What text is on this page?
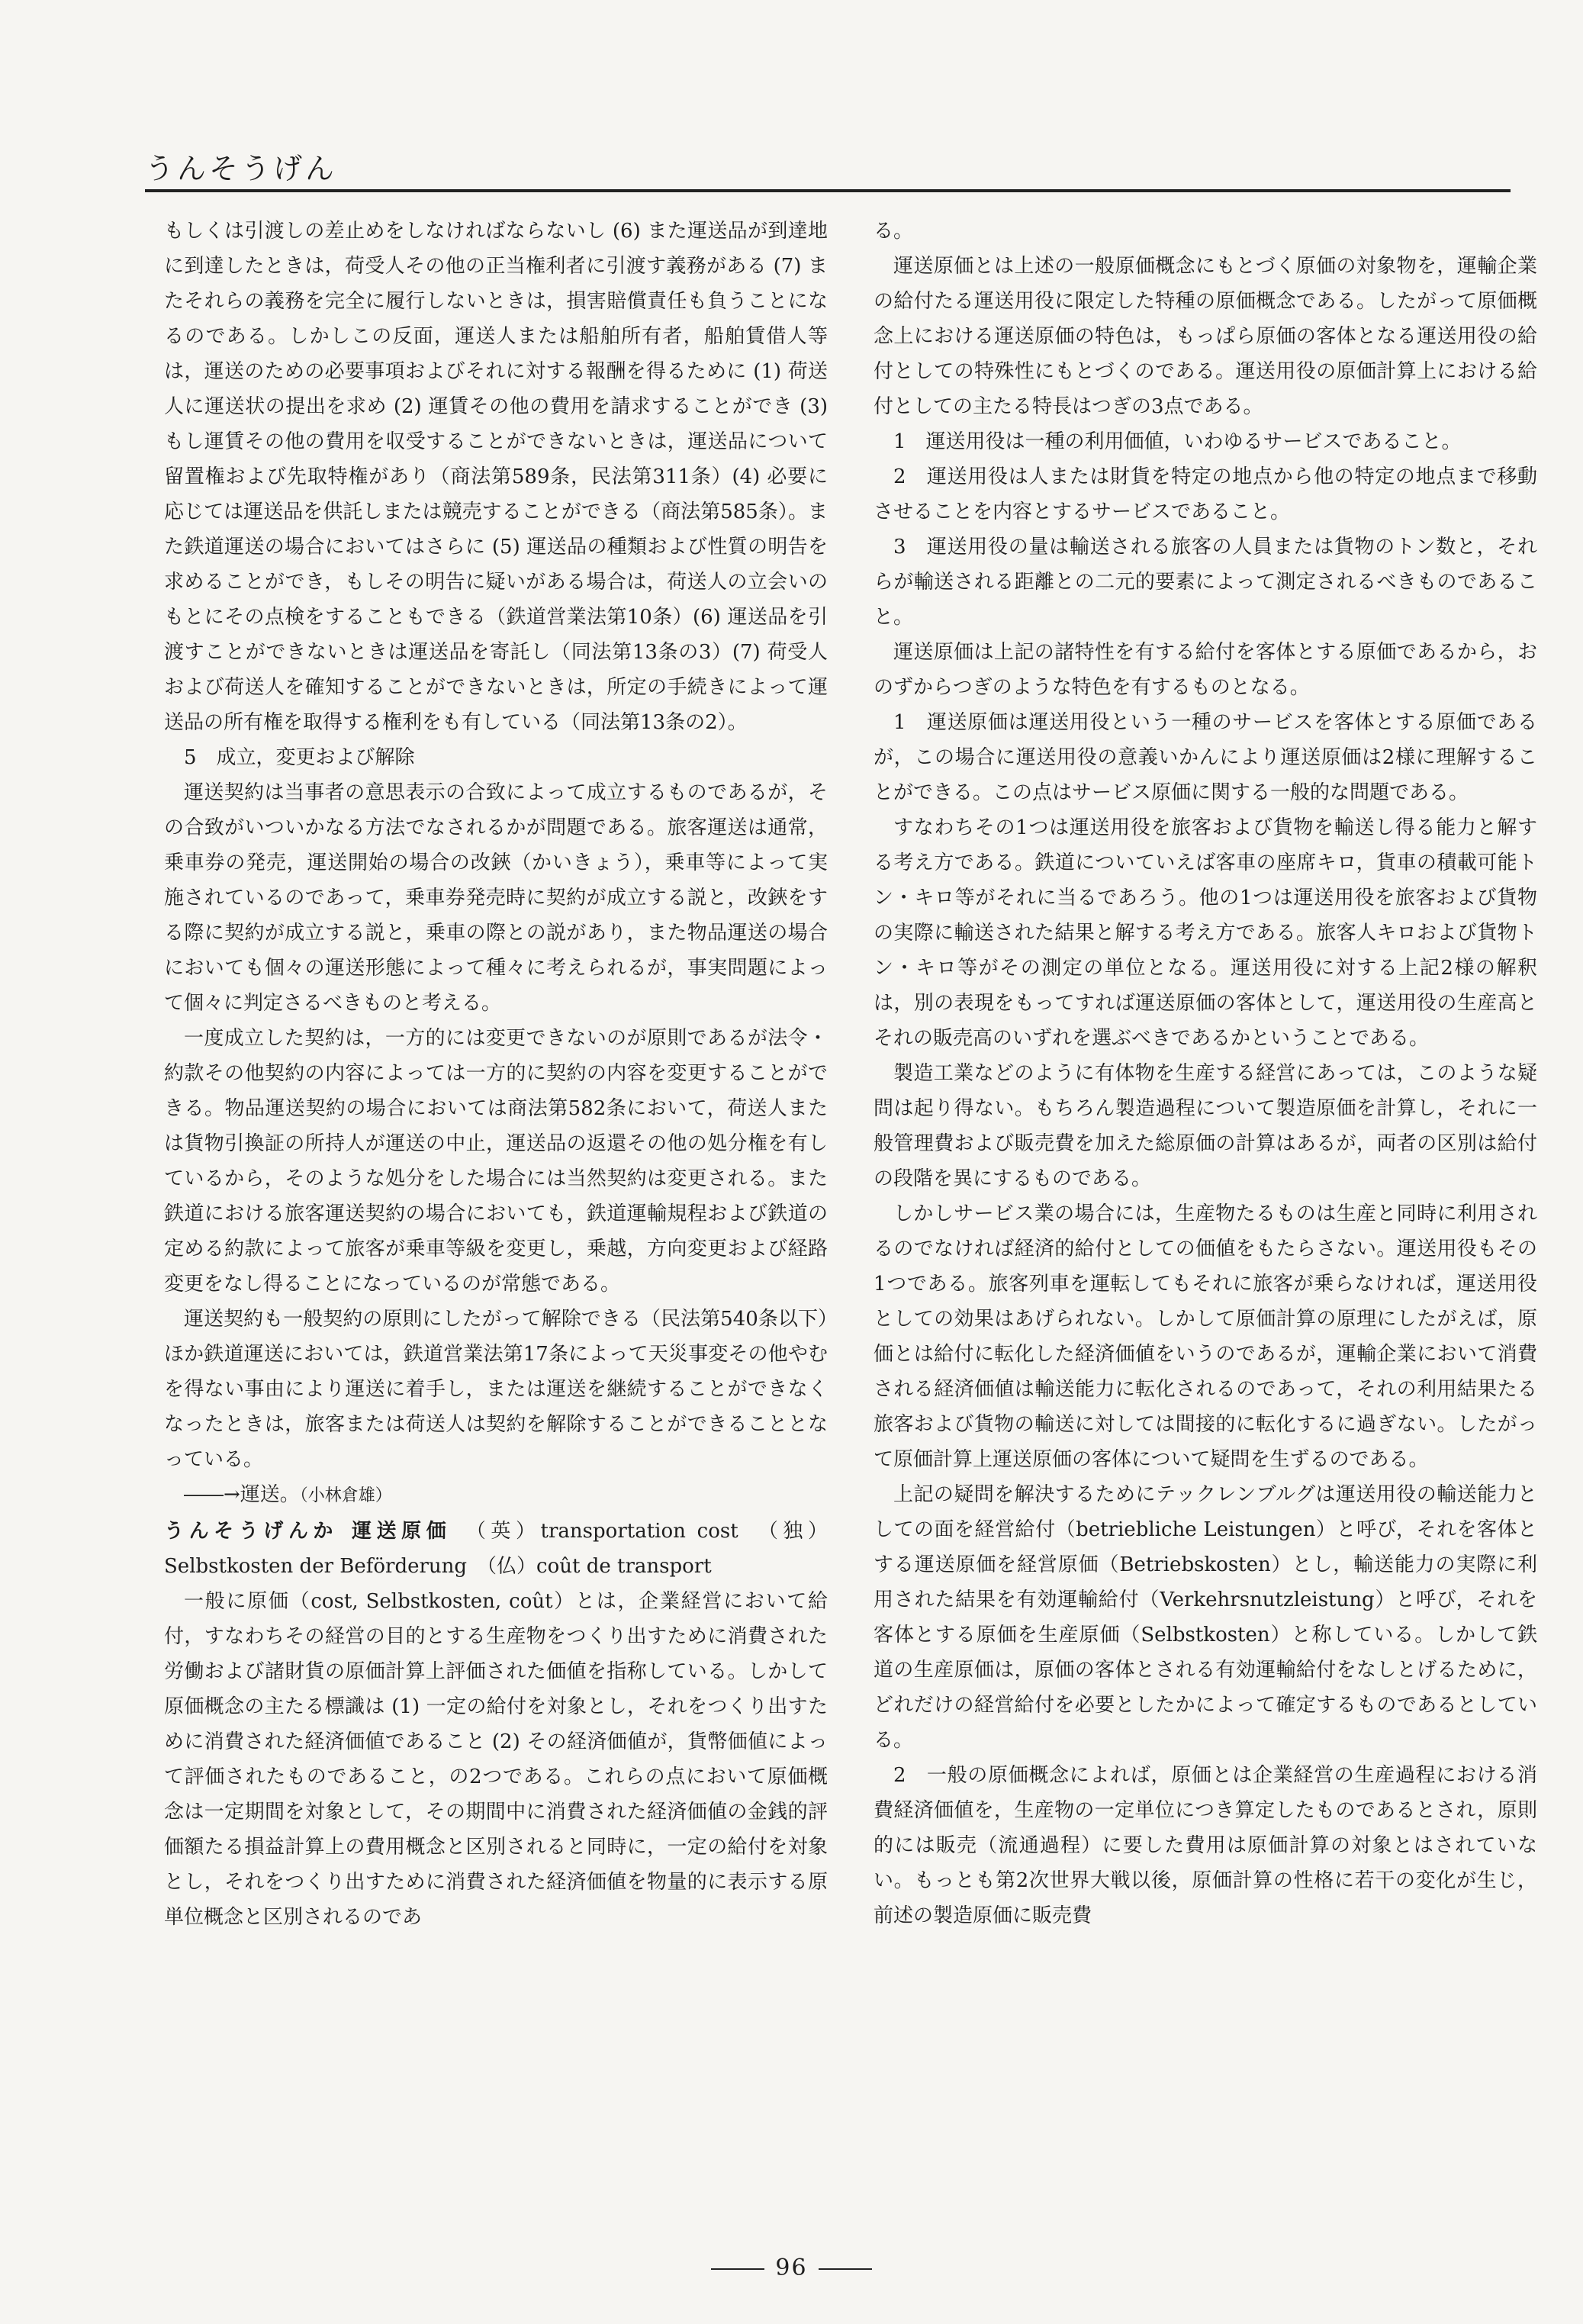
うんそうげん

もしくは引渡しの差止めをしなければならないし (6) また運送品が到達地に到達したときは，荷受人その他の正当権利者に引渡す義務がある (7) またそれらの義務を完全に履行しないときは，損害賠償責任も負うことになるのである。しかしこの反面，運送人または船舶所有者，船舶賃借人等は，運送のための必要事項およびそれに対する報酬を得るために (1) 荷送人に運送状の提出を求め (2) 運賃その他の費用を請求することができ (3) もし運賃その他の費用を収受することができないときは，運送品について留置権および先取特権があり（商法第589条，民法第311条）(4) 必要に応じては運送品を供託しまたは競売することができる（商法第585条）。また鉄道運送の場合においてはさらに (5) 運送品の種類および性質の明告を求めることができ，もしその明告に疑いがある場合は，荷送人の立会いのもとにその点検をすることもできる（鉄道営業法第10条）(6) 運送品を引渡すことができないときは運送品を寄託し（同法第13条の3）(7) 荷受人および荷送人を確知することができないときは，所定の手続きによって運送品の所有権を取得する権利をも有している（同法第13条の2）。

5　成立，変更および解除

運送契約は当事者の意思表示の合致によって成立するものであるが，その合致がいついかなる方法でなされるかが問題である。旅客運送は通常，乗車券の発売，運送開始の場合の改鋏（かいきょう），乗車等によって実施されているのであって，乗車券発売時に契約が成立する説と，改鋏をする際に契約が成立する説と，乗車の際との説があり，また物品運送の場合においても個々の運送形態によって種々に考えられるが，事実問題によって個々に判定さるべきものと考える。

一度成立した契約は，一方的には変更できないのが原則であるが法令・約款その他契約の内容によっては一方的に契約の内容を変更することができる。物品運送契約の場合においては商法第582条において，荷送人または貨物引換証の所持人が運送の中止，運送品の返還その他の処分権を有しているから，そのような処分をした場合には当然契約は変更される。また鉄道における旅客運送契約の場合においても，鉄道運輸規程および鉄道の定める約款によって旅客が乗車等級を変更し，乗越，方向変更および経路変更をなし得ることになっているのが常態である。

運送契約も一般契約の原則にしたがって解除できる（民法第540条以下）ほか鉄道運送においては，鉄道営業法第17条によって天災事変その他やむを得ない事由により運送に着手し，または運送を継続することができなくなったときは，旅客または荷送人は契約を解除することができることとなっている。

――→運送。（小林倉雄）

うんそうげんか 運送原価　 （英）transportation cost　（独）Selbstkosten der Beförderung　（仏）coût de transport

一般に原価（cost, Selbstkosten, coût）とは，企業経営において給付，すなわちその経営の目的とする生産物をつくり出すために消費された労働および諸財貨の原価計算上評価された価値を指称している。しかして原価概念の主たる標識は (1) 一定の給付を対象とし，それをつくり出すために消費された経済価値であること (2) その経済価値が，貨幣価値によって評価されたものであること，の2つである。これらの点において原価概念は一定期間を対象として，その期間中に消費された経済価値の金銭的評価額たる損益計算上の費用概念と区別されると同時に，一定の給付を対象とし，それをつくり出すために消費された経済価値を物量的に表示する原単位概念と区別されるのであ

る。

運送原価とは上述の一般原価概念にもとづく原価の対象物を，運輸企業の給付たる運送用役に限定した特種の原価概念である。したがって原価概念上における運送原価の特色は，もっぱら原価の客体となる運送用役の給付としての特殊性にもとづくのである。運送用役の原価計算上における給付としての主たる特長はつぎの3点である。

1　運送用役は一種の利用価値，いわゆるサービスであること。

2　運送用役は人または財貨を特定の地点から他の特定の地点まで移動させることを内容とするサービスであること。

3　運送用役の量は輸送される旅客の人員または貨物のトン数と，それらが輸送される距離との二元的要素によって測定されるべきものであること。

運送原価は上記の諸特性を有する給付を客体とする原価であるから，おのずからつぎのような特色を有するものとなる。

1　運送原価は運送用役という一種のサービスを客体とする原価であるが，この場合に運送用役の意義いかんにより運送原価は2様に理解することができる。この点はサービス原価に関する一般的な問題である。

すなわちその1つは運送用役を旅客および貨物を輸送し得る能力と解する考え方である。鉄道についていえば客車の座席キロ，貨車の積載可能トン・キロ等がそれに当るであろう。他の1つは運送用役を旅客および貨物の実際に輸送された結果と解する考え方である。旅客人キロおよび貨物トン・キロ等がその測定の単位となる。運送用役に対する上記2様の解釈は，別の表現をもってすれば運送原価の客体として，運送用役の生産高とそれの販売高のいずれを選ぶべきであるかということである。

製造工業などのように有体物を生産する経営にあっては，このような疑問は起り得ない。もちろん製造過程について製造原価を計算し，それに一般管理費および販売費を加えた総原価の計算はあるが，両者の区別は給付の段階を異にするものである。

しかしサービス業の場合には，生産物たるものは生産と同時に利用されるのでなければ経済的給付としての価値をもたらさない。運送用役もその1つである。旅客列車を運転してもそれに旅客が乗らなければ，運送用役としての効果はあげられない。しかして原価計算の原理にしたがえば，原価とは給付に転化した経済価値をいうのであるが，運輸企業において消費される経済価値は輸送能力に転化されるのであって，それの利用結果たる旅客および貨物の輸送に対しては間接的に転化するに過ぎない。したがって原価計算上運送原価の客体について疑問を生ずるのである。

上記の疑問を解決するためにテックレンブルグは運送用役の輸送能力としての面を経営給付（betriebliche Leistungen）と呼び，それを客体とする運送原価を経営原価（Betriebskosten）とし，輸送能力の実際に利用された結果を有効運輸給付（Verkehrsnutzleistung）と呼び，それを客体とする原価を生産原価（Selbstkosten）と称している。しかして鉄道の生産原価は，原価の客体とされる有効運輸給付をなしとげるために，どれだけの経営給付を必要としたかによって確定するものであるとしている。

2　一般の原価概念によれば，原価とは企業経営の生産過程における消費経済価値を，生産物の一定単位につき算定したものであるとされ，原則的には販売（流通過程）に要した費用は原価計算の対象とはされていない。もっとも第2次世界大戦以後，原価計算の性格に若干の変化が生じ，前述の製造原価に販売費

96
